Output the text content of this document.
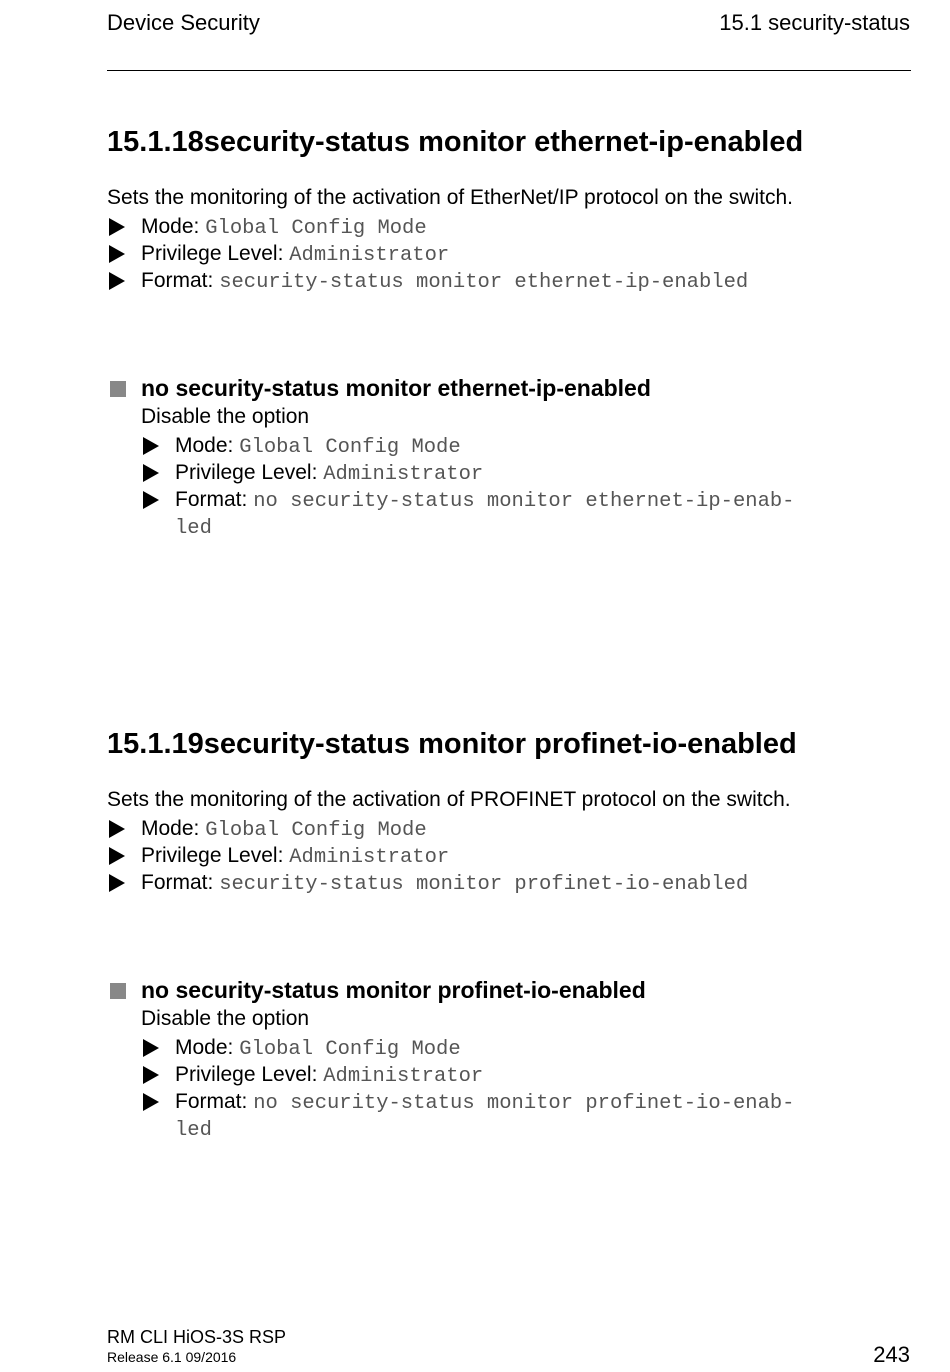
Device Security	15.1 security-status
15.1.18security-status monitor ethernet-ip-enabled
Sets the monitoring of the activation of EtherNet/IP protocol on the switch.
Mode: Global Config Mode
Privilege Level: Administrator
Format: security-status monitor ethernet-ip-enabled
no security-status monitor ethernet-ip-enabled
Disable the option
Mode: Global Config Mode
Privilege Level: Administrator
Format: no security-status monitor ethernet-ip-enab-
led
15.1.19security-status monitor profinet-io-enabled
Sets the monitoring of the activation of PROFINET protocol on the switch.
Mode: Global Config Mode
Privilege Level: Administrator
Format: security-status monitor profinet-io-enabled
no security-status monitor profinet-io-enabled
Disable the option
Mode: Global Config Mode
Privilege Level: Administrator
Format: no security-status monitor profinet-io-enab-
led
RM CLI HiOS-3S RSP
Release 6.1 09/2016	243
